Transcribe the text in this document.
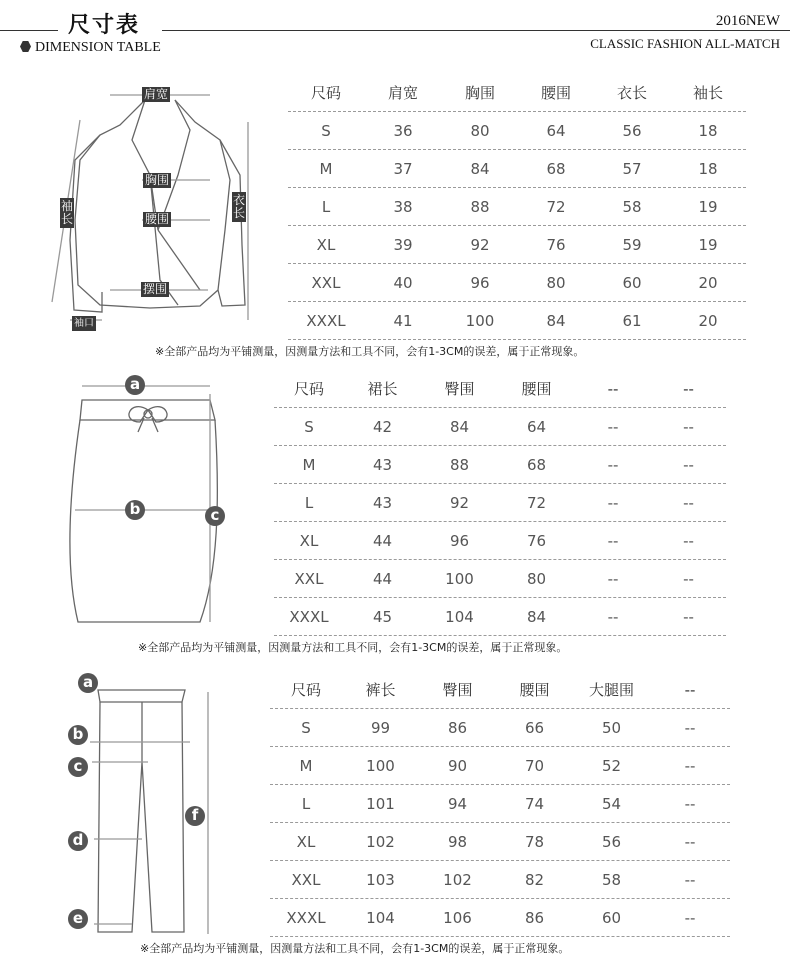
尺寸表	2016NEW
DIMENSION TABLE	CLASSIC FASHION ALL-MATCH
肩宽
胸围
腰围
摆围
袖长
衣长
袖口
尺码	肩宽	胸围	腰围	衣长	袖长
S	36	80	64	56	18
M	37	84	68	57	18
L	38	88	72	58	19
XL	39	92	76	59	19
XXL	40	96	80	60	20
XXXL	41	100	84	61	20
※全部产品均为平铺测量，因测量方法和工具不同，会有1-3CM的误差，属于正常现象。
a
b	c
尺码	裙长	臀围	腰围	--	--
S	42	84	64	--	--
M	43	88	68	--	--
L	43	92	72	--	--
XL	44	96	76	--	--
XXL	44	100	80	--	--
XXXL	45	104	84	--	--
※全部产品均为平铺测量，因测量方法和工具不同，会有1-3CM的误差，属于正常现象。
a
b
c
d
f
e
尺码	裤长	臀围	腰围	大腿围	--
S	99	86	66	50	--
M	100	90	70	52	--
L	101	94	74	54	--
XL	102	98	78	56	--
XXL	103	102	82	58	--
XXXL	104	106	86	60	--
※全部产品均为平铺测量，因测量方法和工具不同，会有1-3CM的误差，属于正常现象。
